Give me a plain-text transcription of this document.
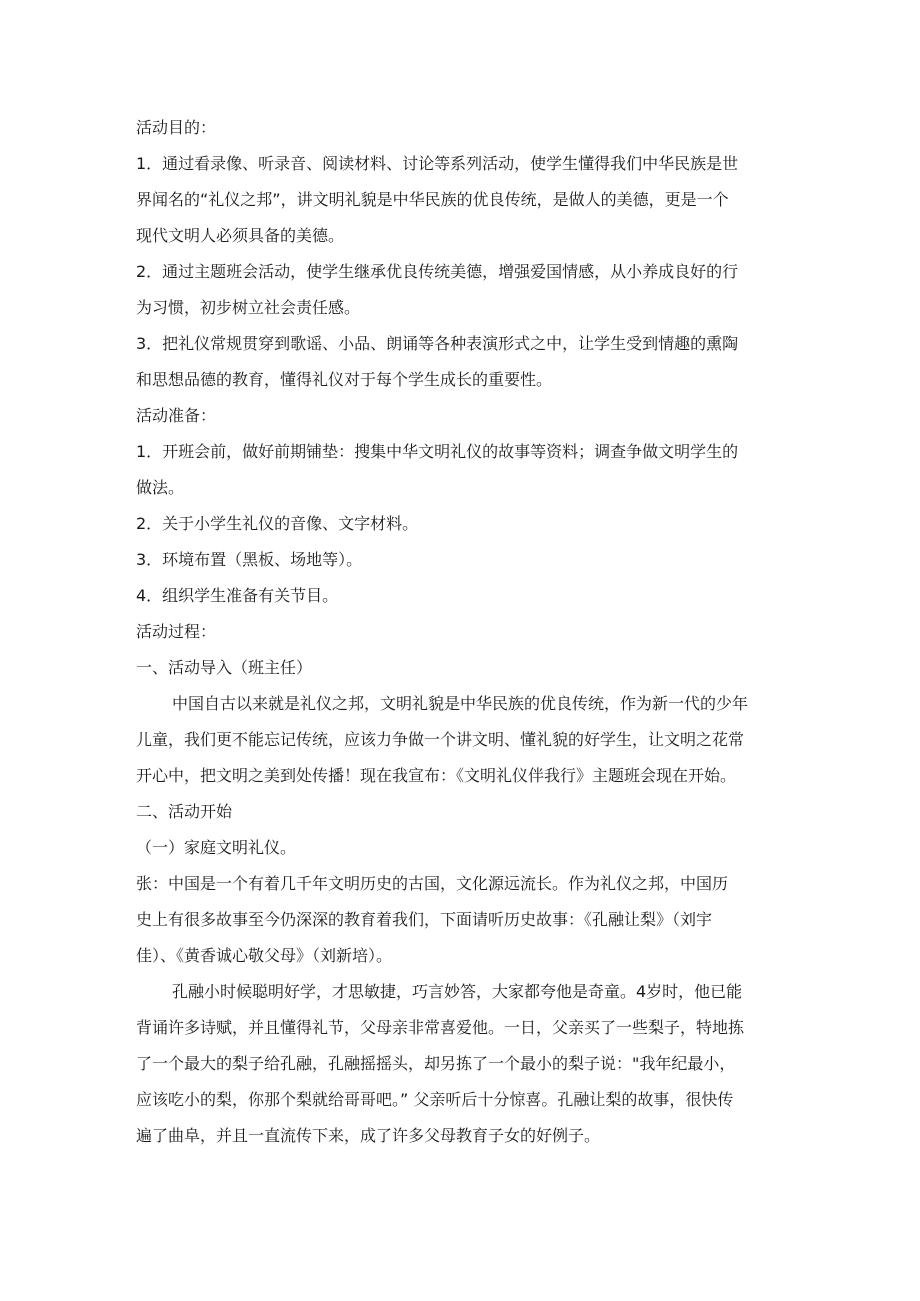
活动目的：
1．通过看录像、听录音、阅读材料、讨论等系列活动，使学生懂得我们中华民族是世
界闻名的“礼仪之邦”，讲文明礼貌是中华民族的优良传统，是做人的美德，更是一个
现代文明人必须具备的美德。
2．通过主题班会活动，使学生继承优良传统美德，增强爱国情感，从小养成良好的行
为习惯，初步树立社会责任感。
3．把礼仪常规贯穿到歌谣、小品、朗诵等各种表演形式之中，让学生受到情趣的熏陶
和思想品德的教育，懂得礼仪对于每个学生成长的重要性。
活动准备：
1．开班会前，做好前期铺垫：搜集中华文明礼仪的故事等资料；调查争做文明学生的
做法。
2．关于小学生礼仪的音像、文字材料。
3．环境布置（黑板、场地等）。
4．组织学生准备有关节目。
活动过程：
一、活动导入（班主任）
中国自古以来就是礼仪之邦，文明礼貌是中华民族的优良传统，作为新一代的少年
儿童，我们更不能忘记传统，应该力争做一个讲文明、懂礼貌的好学生，让文明之花常
开心中，把文明之美到处传播！现在我宣布：《文明礼仪伴我行》主题班会现在开始。
二、活动开始
（一）家庭文明礼仪。
张：中国是一个有着几千年文明历史的古国，文化源远流长。作为礼仪之邦，中国历
史上有很多故事至今仍深深的教育着我们，下面请听历史故事：《孔融让梨》（刘宇
佳）、《黄香诚心敬父母》（刘新培）。
孔融小时候聪明好学，才思敏捷，巧言妙答，大家都夸他是奇童。4岁时，他已能
背诵许多诗赋，并且懂得礼节，父母亲非常喜爱他。一日，父亲买了一些梨子，特地拣
了一个最大的梨子给孔融，孔融摇摇头，却另拣了一个最小的梨子说："我年纪最小，
应该吃小的梨，你那个梨就给哥哥吧。” 父亲听后十分惊喜。孔融让梨的故事，很快传
遍了曲阜，并且一直流传下来，成了许多父母教育子女的好例子。
